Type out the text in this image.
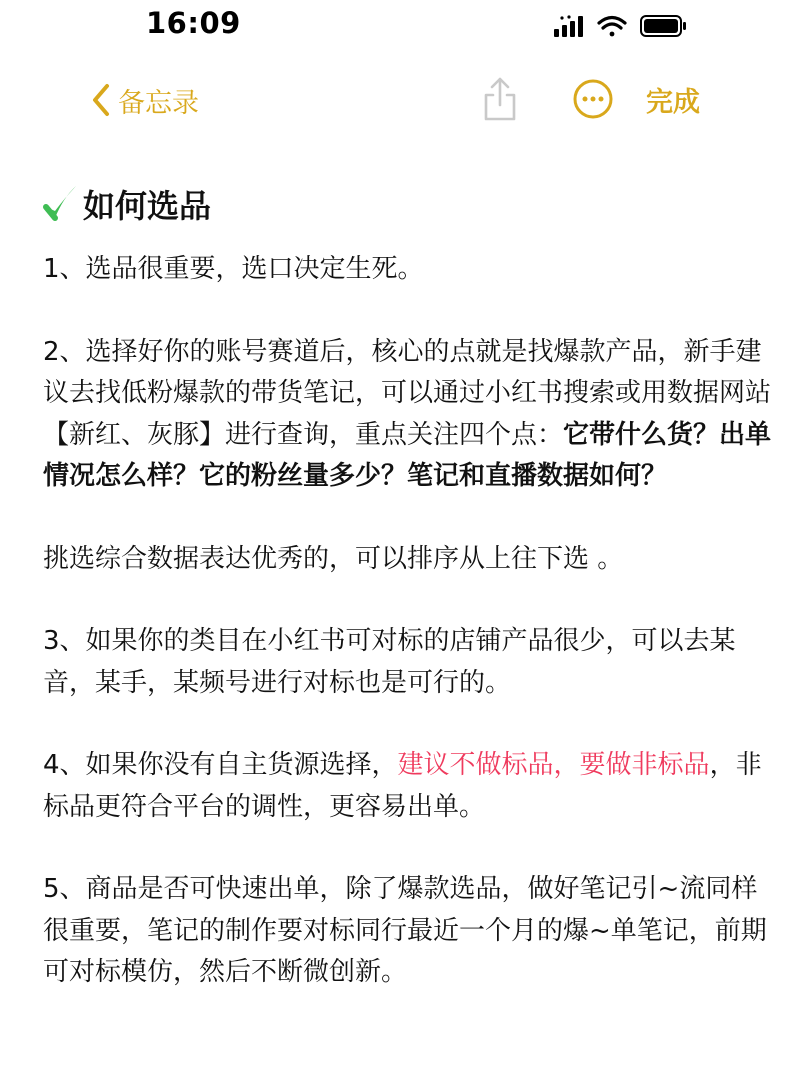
16:09
备忘录	完成
如何选品

1、选品很重要，选口决定生死。

2、选择好你的账号赛道后，核心的点就是找爆款产品，新手建议去找低粉爆款的带货笔记，可以通过小红书搜索或用数据网站【新红、灰豚】进行查询，重点关注四个点：它带什么货？出单情况怎么样？它的粉丝量多少？笔记和直播数据如何？

挑选综合数据表达优秀的，可以排序从上往下选 。

3、如果你的类目在小红书可对标的店铺产品很少，可以去某音，某手，某频号进行对标也是可行的。

4、如果你没有自主货源选择，建议不做标品，要做非标品，非标品更符合平台的调性，更容易出单。

5、商品是否可快速出单，除了爆款选品，做好笔记引~流同样很重要，笔记的制作要对标同行最近一个月的爆~单笔记，前期可对标模仿，然后不断微创新。
